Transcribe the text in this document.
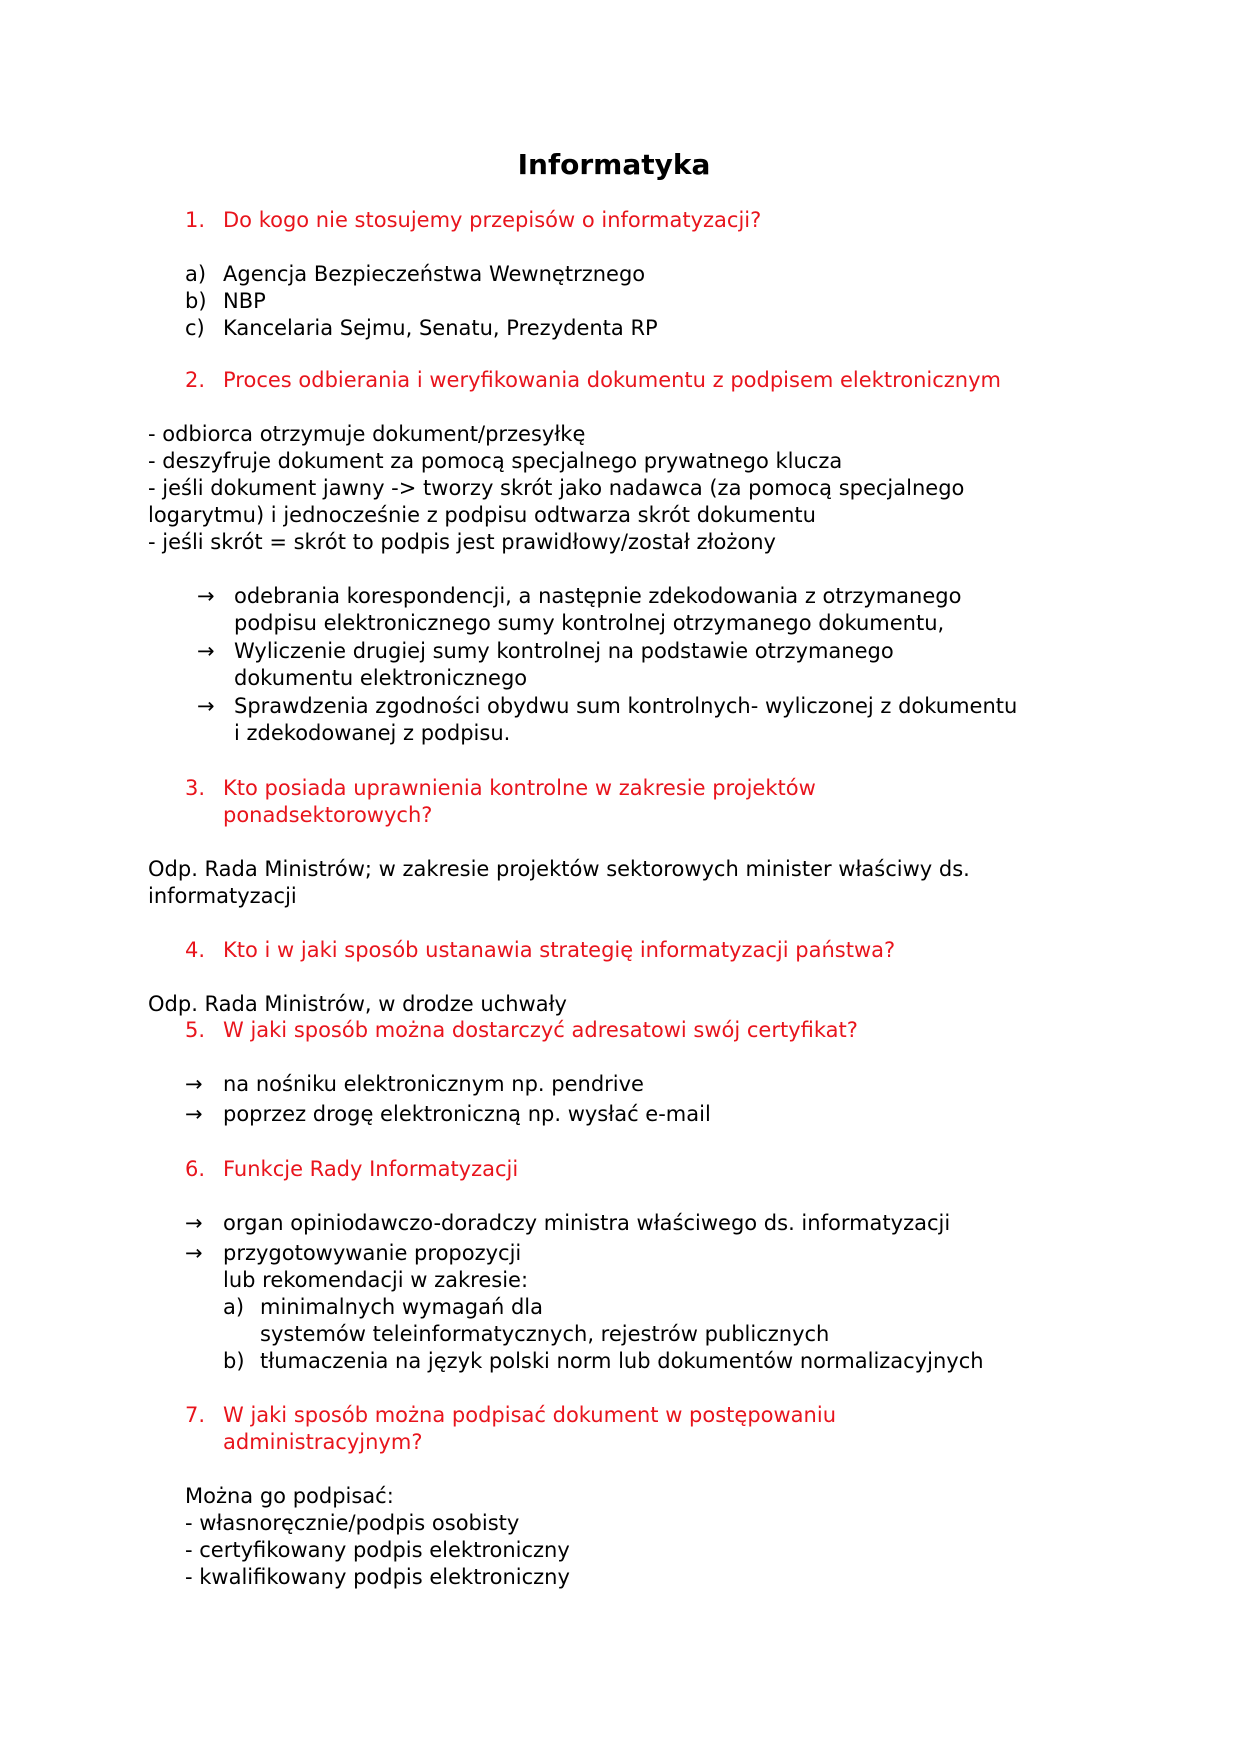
Informatyka
1. Do kogo nie stosujemy przepisów o informatyzacji?
a) Agencja Bezpieczeństwa Wewnętrznego
b) NBP
c) Kancelaria Sejmu, Senatu, Prezydenta RP
2. Proces odbierania i weryfikowania dokumentu z podpisem elektronicznym
- odbiorca otrzymuje dokument/przesyłkę
- deszyfruje dokument za pomocą specjalnego prywatnego klucza
- jeśli dokument jawny -> tworzy skrót jako nadawca (za pomocą specjalnego
logarytmu) i jednocześnie z podpisu odtwarza skrót dokumentu
- jeśli skrót = skrót to podpis jest prawidłowy/został złożony
→ odebrania korespondencji, a następnie zdekodowania z otrzymanego
podpisu elektronicznego sumy kontrolnej otrzymanego dokumentu,
→ Wyliczenie drugiej sumy kontrolnej na podstawie otrzymanego
dokumentu elektronicznego
→ Sprawdzenia zgodności obydwu sum kontrolnych- wyliczonej z dokumentu
i zdekodowanej z podpisu.
3. Kto posiada uprawnienia kontrolne w zakresie projektów
ponadsektorowych?
Odp. Rada Ministrów; w zakresie projektów sektorowych minister właściwy ds.
informatyzacji
4. Kto i w jaki sposób ustanawia strategię informatyzacji państwa?
Odp. Rada Ministrów, w drodze uchwały
5. W jaki sposób można dostarczyć adresatowi swój certyfikat?
→ na nośniku elektronicznym np. pendrive
→ poprzez drogę elektroniczną np. wysłać e-mail
6. Funkcje Rady Informatyzacji
→ organ opiniodawczo-doradczy ministra właściwego ds. informatyzacji
→ przygotowywanie propozycji
lub rekomendacji w zakresie:
a) minimalnych wymagań dla
systemów teleinformatycznych, rejestrów publicznych
b) tłumaczenia na język polski norm lub dokumentów normalizacyjnych
7. W jaki sposób można podpisać dokument w postępowaniu
administracyjnym?
Można go podpisać:
- własnoręcznie/podpis osobisty
- certyfikowany podpis elektroniczny
- kwalifikowany podpis elektroniczny
